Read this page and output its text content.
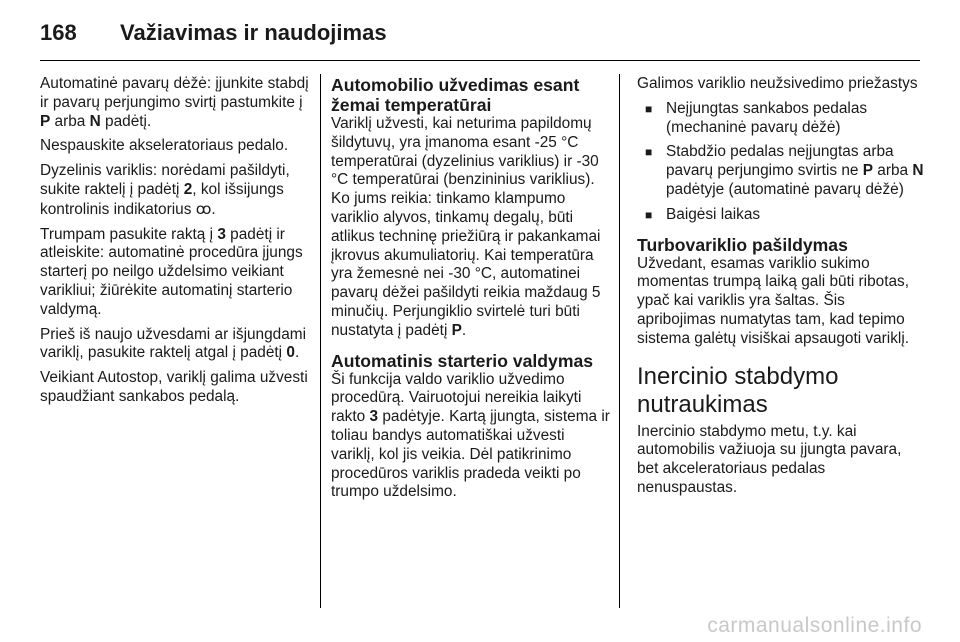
168 Važiavimas ir naudojimas

Automatinė pavarų dėžė: įjunkite stabdį ir pavarų perjungimo svirtį pastumkite į P arba N padėtį.

Nespauskite akseleratoriaus pedalo.

Dyzelinis variklis: norėdami pašildyti, sukite raktelį į padėtį 2, kol išsijungs kontrolinis indikatorius ꝏ.

Trumpam pasukite raktą į 3 padėtį ir atleiskite: automatinė procedūra įjungs starterį po neilgo uždelsimo veikiant varikliui; žiūrėkite automatinį starterio valdymą.

Prieš iš naujo užvesdami ar išjungdami variklį, pasukite raktelį atgal į padėtį 0.

Veikiant Autostop, variklį galima užvesti spaudžiant sankabos pedalą.

Automobilio užvedimas esant žemai temperatūrai

Variklį užvesti, kai neturima papildomų šildytuvų, yra įmanoma esant -25 °C temperatūrai (dyzelinius variklius) ir -30 °C temperatūrai (benzininius variklius). Ko jums reikia: tinkamo klampumo variklio alyvos, tinkamų degalų, būti atlikus techninę priežiūrą ir pakankamai įkrovus akumuliatorių. Kai temperatūra yra žemesnė nei -30 °C, automatinei pavarų dėžei pašildyti reikia maždaug 5 minučių. Perjungiklio svirtelė turi būti nustatyta į padėtį P.

Automatinis starterio valdymas

Ši funkcija valdo variklio užvedimo procedūrą. Vairuotojui nereikia laikyti rakto 3 padėtyje. Kartą įjungta, sistema ir toliau bandys automatiškai užvesti variklį, kol jis veikia. Dėl patikrinimo procedūros variklis pradeda veikti po trumpo uždelsimo.

Galimos variklio neužsivedimo priežastys

■ Neįjungtas sankabos pedalas (mechaninė pavarų dėžė)
■ Stabdžio pedalas neįjungtas arba pavarų perjungimo svirtis ne P arba N padėtyje (automatinė pavarų dėžė)
■ Baigėsi laikas
Turbovariklio pašildymas

Užvedant, esamas variklio sukimo momentas trumpą laiką gali būti ribotas, ypač kai variklis yra šaltas. Šis apribojimas numatytas tam, kad tepimo sistema galėtų visiškai apsaugoti variklį.

Inercinio stabdymo nutraukimas

Inercinio stabdymo metu, t.y. kai automobilis važiuoja su įjungta pavara, bet akceleratoriaus pedalas nenuspaustas.

carmanualsonline.info
